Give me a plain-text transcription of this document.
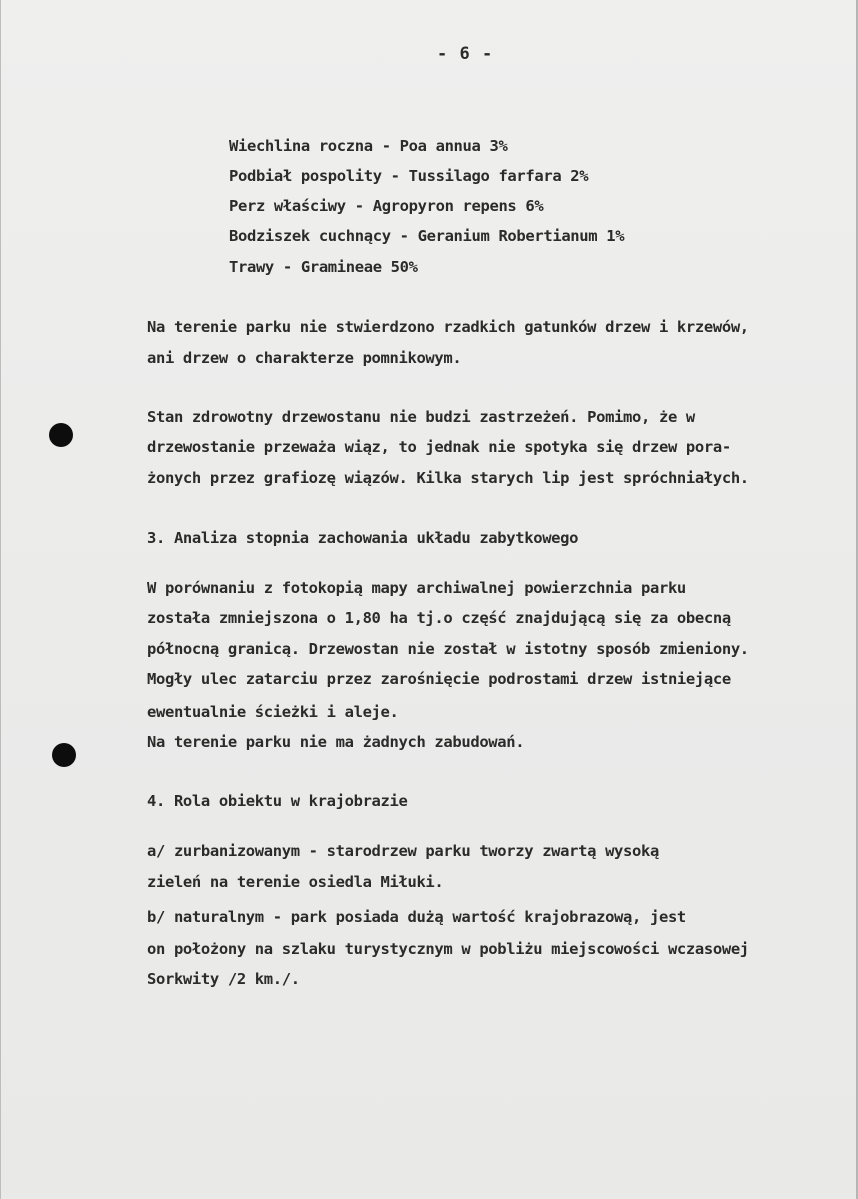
- 6 -
Wiechlina roczna - Poa annua 3%
Podbiał pospolity - Tussilago farfara 2%
Perz właściwy - Agropyron repens 6%
Bodziszek cuchnący - Geranium Robertianum 1%
Trawy - Gramineae 50%
Na terenie parku nie stwierdzono rzadkich gatunków drzew i krzewów,
ani drzew o charakterze pomnikowym.
Stan zdrowotny drzewostanu nie budzi zastrzeżeń. Pomimo, że w
drzewostanie przeważa wiąz, to jednak nie spotyka się drzew pora-
żonych przez grafiozę wiązów. Kilka starych lip jest spróchniałych.
3. Analiza stopnia zachowania układu zabytkowego
W porównaniu z fotokopią mapy archiwalnej powierzchnia parku
została zmniejszona o 1,80 ha tj.o część znajdującą się za obecną
północną granicą. Drzewostan nie został w istotny sposób zmieniony.
Mogły ulec zatarciu przez zarośnięcie podrostami drzew istniejące
ewentualnie ścieżki i aleje.
Na terenie parku nie ma żadnych zabudowań.
4. Rola obiektu w krajobrazie
a/ zurbanizowanym - starodrzew parku tworzy zwartą wysoką
zieleń na terenie osiedla Miłuki.
b/ naturalnym - park posiada dużą wartość krajobrazową, jest
on położony na szlaku turystycznym w pobliżu miejscowości wczasowej
Sorkwity /2 km./.
